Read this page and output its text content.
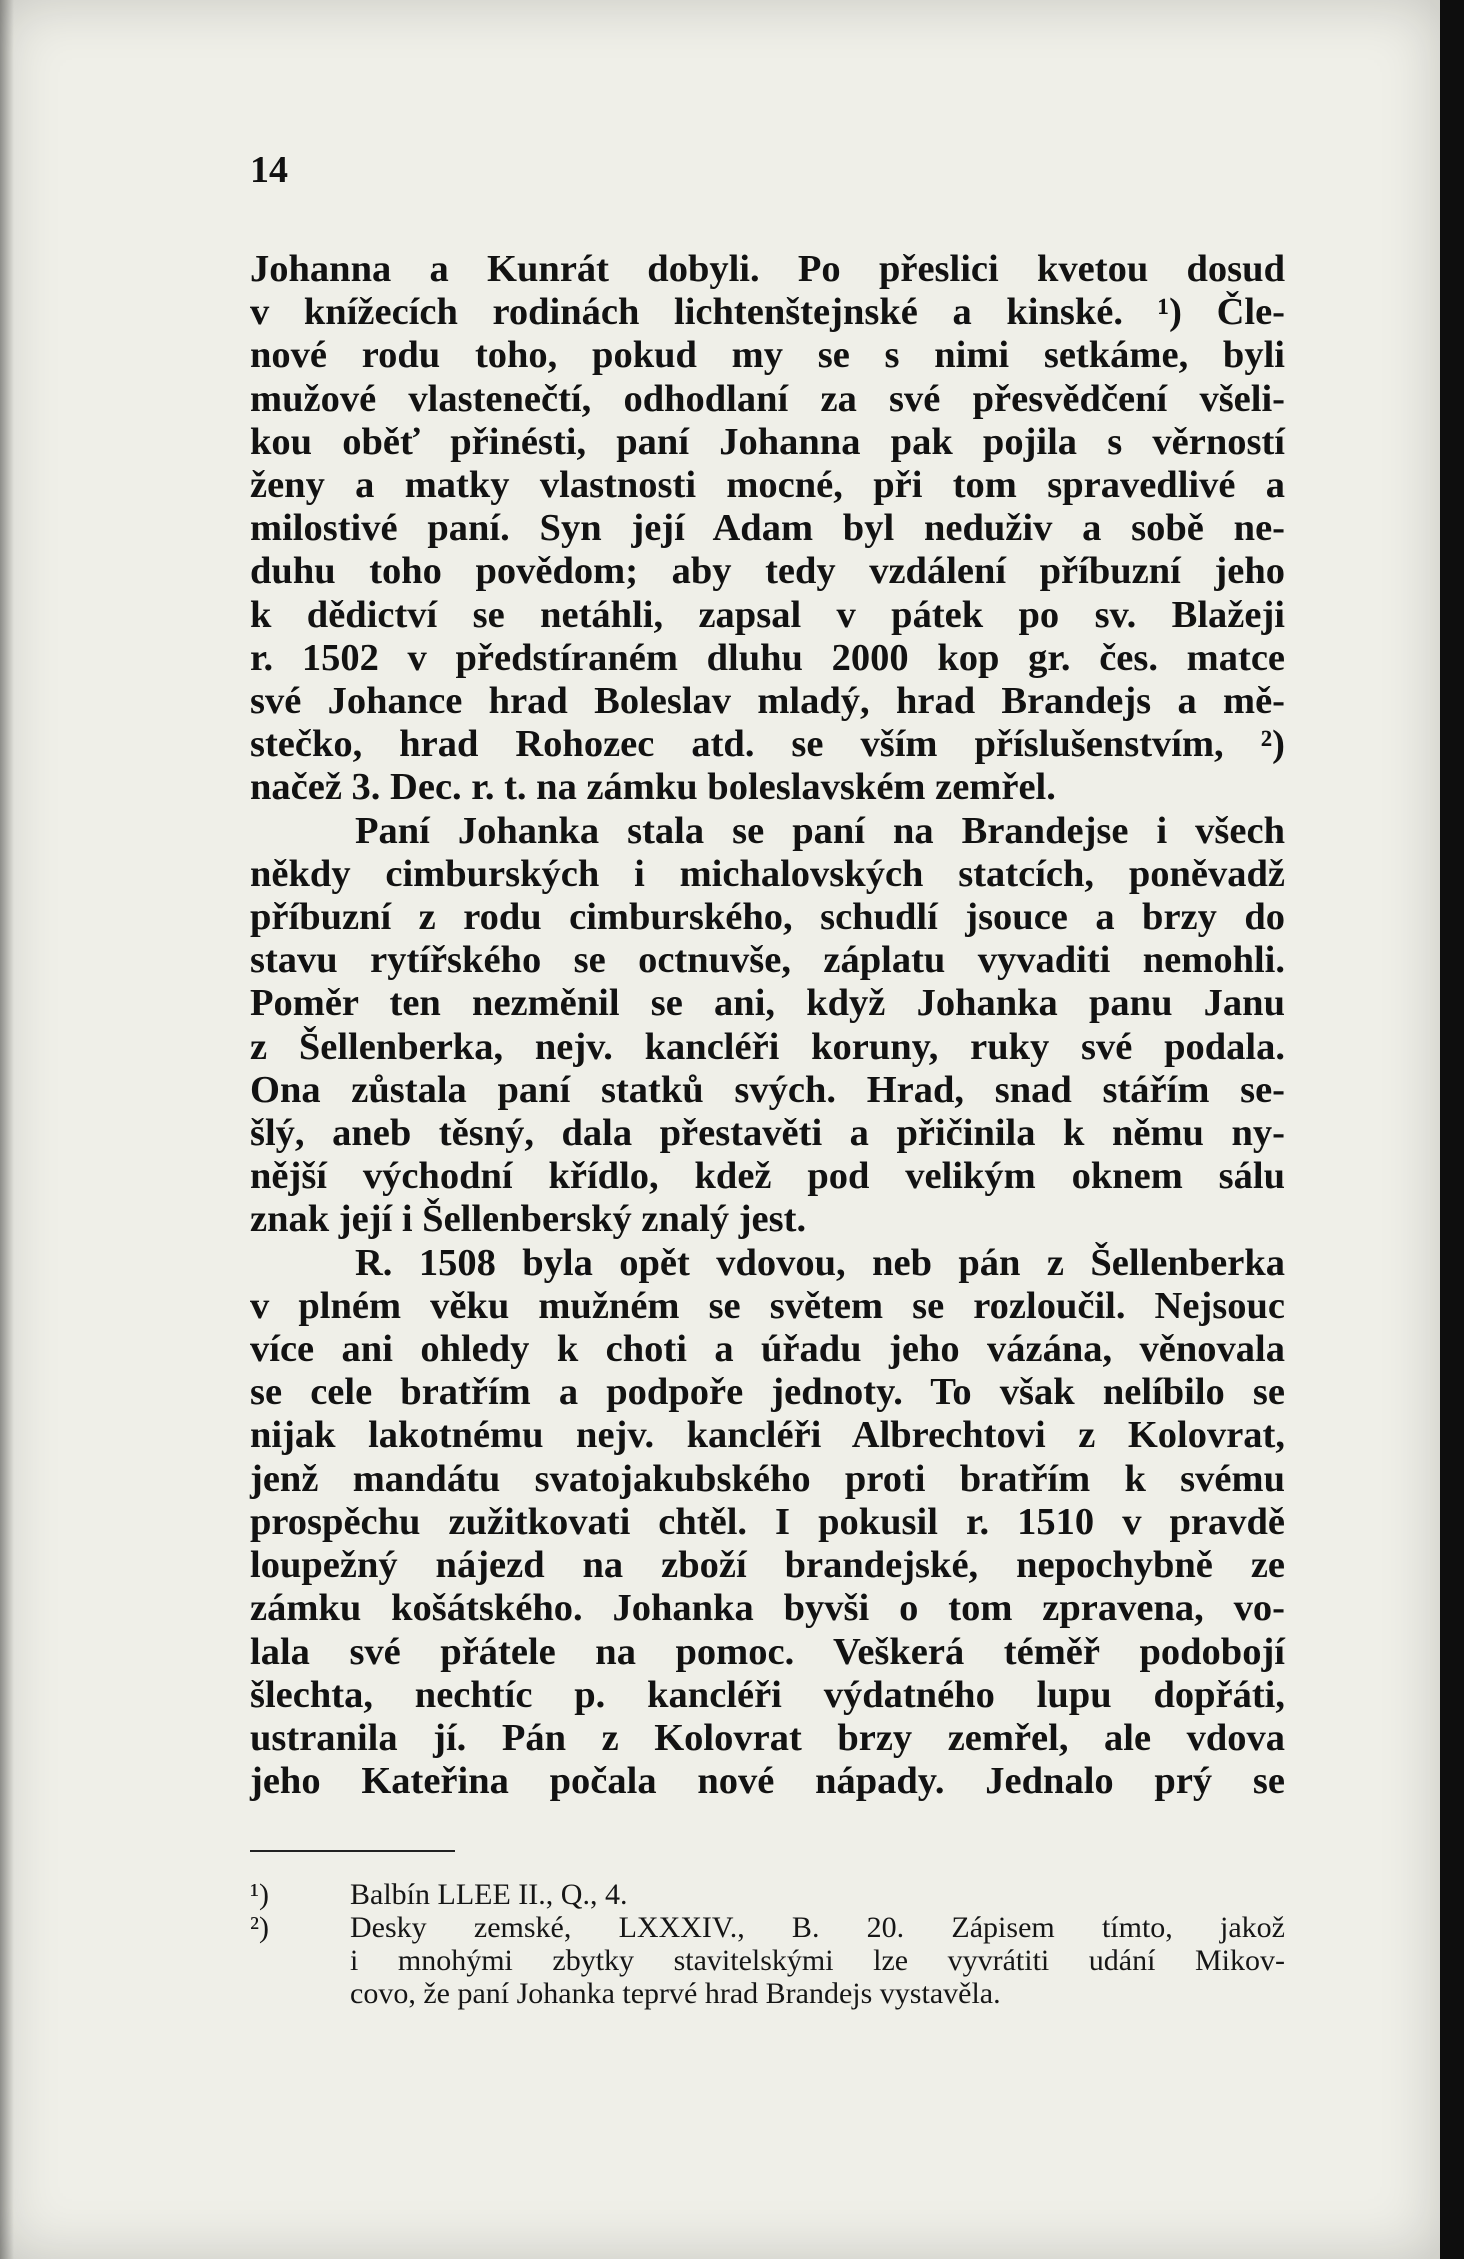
14
Johanna a Kunrát dobyli. Po přeslici kvetou dosud
v knížecích rodinách lichtenštejnské a kinské. ¹) Čle-
nové rodu toho, pokud my se s nimi setkáme, byli
mužové vlastenečtí, odhodlaní za své přesvědčení všeli-
kou oběť přinésti, paní Johanna pak pojila s věrností
ženy a matky vlastnosti mocné, při tom spravedlivé a
milostivé paní. Syn její Adam byl neduživ a sobě ne-
duhu toho povědom; aby tedy vzdálení příbuzní jeho
k dědictví se netáhli, zapsal v pátek po sv. Blažeji
r. 1502 v předstíraném dluhu 2000 kop gr. čes. matce
své Johance hrad Boleslav mladý, hrad Brandejs a mě-
stečko, hrad Rohozec atd. se vším příslušenstvím, ²)
načež 3. Dec. r. t. na zámku boleslavském zemřel.
Paní Johanka stala se paní na Brandejse i všech
někdy cimburských i michalovských statcích, poněvadž
příbuzní z rodu cimburského, schudlí jsouce a brzy do
stavu rytířského se octnuvše, záplatu vyvaditi nemohli.
Poměr ten nezměnil se ani, když Johanka panu Janu
z Šellenberka, nejv. kancléři koruny, ruky své podala.
Ona zůstala paní statků svých. Hrad, snad stářím se-
šlý, aneb těsný, dala přestavěti a přičinila k němu ny-
nější východní křídlo, kdež pod velikým oknem sálu
znak její i Šellenberský znalý jest.
R. 1508 byla opět vdovou, neb pán z Šellenberka
v plném věku mužném se světem se rozloučil. Nejsouc
více ani ohledy k choti a úřadu jeho vázána, věnovala
se cele bratřím a podpoře jednoty. To však nelíbilo se
nijak lakotnému nejv. kancléři Albrechtovi z Kolovrat,
jenž mandátu svatojakubského proti bratřím k svému
prospěchu zužitkovati chtěl. I pokusil r. 1510 v pravdě
loupežný nájezd na zboží brandejské, nepochybně ze
zámku košátského. Johanka byvši o tom zpravena, vo-
lala své přátele na pomoc. Veškerá téměř podobojí
šlechta, nechtíc p. kancléři výdatného lupu dopřáti,
ustranila jí. Pán z Kolovrat brzy zemřel, ale vdova
jeho Kateřina počala nové nápady. Jednalo prý se
¹)	Balbín LLEE II., Q., 4.
²)	Desky zemské, LXXXIV., B. 20. Zápisem tímto, jakož
i mnohými zbytky stavitelskými lze vyvrátiti udání Mikov-
covo, že paní Johanka teprvé hrad Brandejs vystavěla.
